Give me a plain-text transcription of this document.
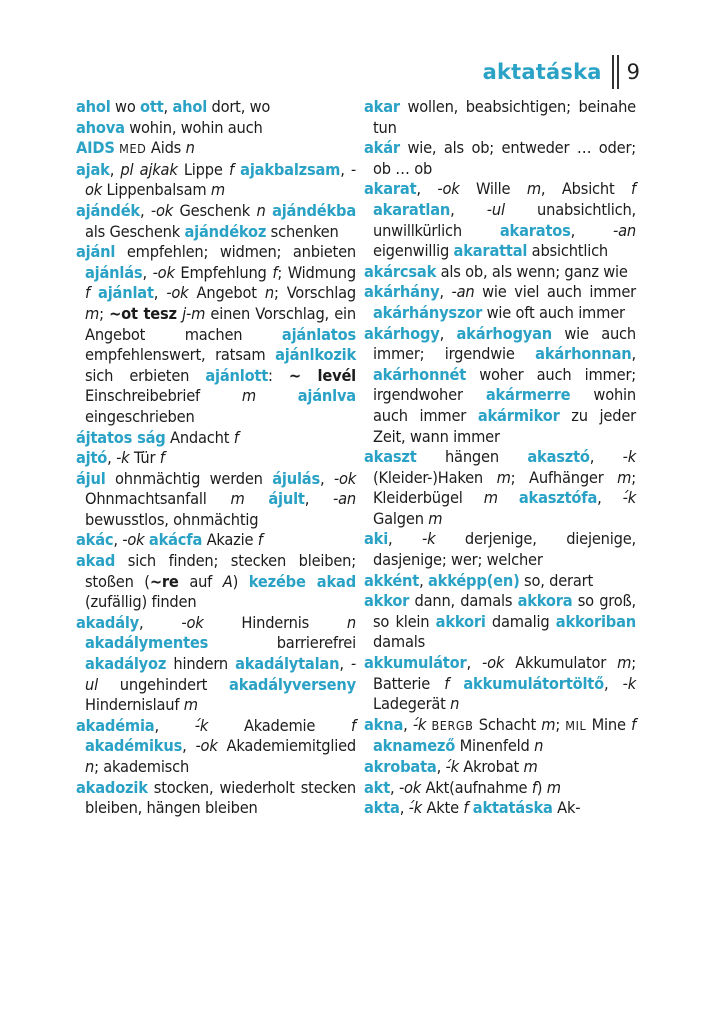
aktatáska 9
ahol wo ott, ahol dort, wo
ahova wohin, wohin auch
AIDS MED Aids n
ajak, pl ajkak Lippe f ajakbalzsam, -ok Lippenbalsam m
ajándék, -ok Geschenk n ajándékba als Geschenk ajándékoz schenken
ajánl empfehlen; widmen; anbieten ajánlás, -ok Empfehlung f; Widmung f ajánlat, -ok Angebot n; Vorschlag m; ~ot tesz j-m einen Vorschlag, ein Angebot machen ajánlatos empfehlenswert, ratsam ajánlkozik sich erbieten ajánlott: ~ levél Einschreibebrief m	ajánlva eingeschrieben
ájtatos ság Andacht f
ajtó, -k Tür f
ájul ohnmächtig werden ájulás, -ok Ohnmachtsanfall m ájult, -an bewusstlos, ohnmächtig
akác, -ok akácfa Akazie f
akad sich finden; stecken bleiben; stoßen (~re auf A) kezébe akad (zufällig) finden
akadály, -ok Hindernis n akadálymentes barrierefrei akadályoz hindern akadálytalan, -ul ungehindert akadályverseny Hindernislauf m
akadémia, -́k Akademie f akadémikus, -ok Akademiemitglied n; akademisch
akadozik stocken, wiederholt stecken bleiben, hängen bleiben
akar wollen, beabsichtigen; beinahe tun
akár wie, als ob; entweder … oder; ob … ob
akarat, -ok Wille m, Absicht f akaratlan, -ul unabsichtlich, unwillkürlich akaratos, -an eigenwillig akarattal absichtlich
akárcsak als ob, als wenn; ganz wie
akárhány, -an wie viel auch immer akárhányszor wie oft auch immer
akárhogy, akárhogyan wie auch immer; irgendwie akárhonnan, akárhonnét woher auch immer; irgendwoher akármerre wohin auch immer akármikor zu jeder Zeit, wann immer
akaszt hängen akasztó, -k (Kleider-)Haken m; Aufhänger m; Kleiderbügel m akasztófa, -́k Galgen m
aki, -k derjenige, diejenige, dasjenige; wer; welcher
akként, akképp(en) so, derart
akkor dann, damals akkora so groß, so klein akkori damalig akkoriban damals
akkumulátor, -ok Akkumulator m; Batterie f akkumulátortöltő, -k Ladegerät n
akna, -́k BERGB Schacht m; MIL Mine f aknamező Minenfeld n
akrobata, -́k Akrobat m
akt, -ok Akt(aufnahme f) m
akta, -́k Akte f aktatáska Ak-
